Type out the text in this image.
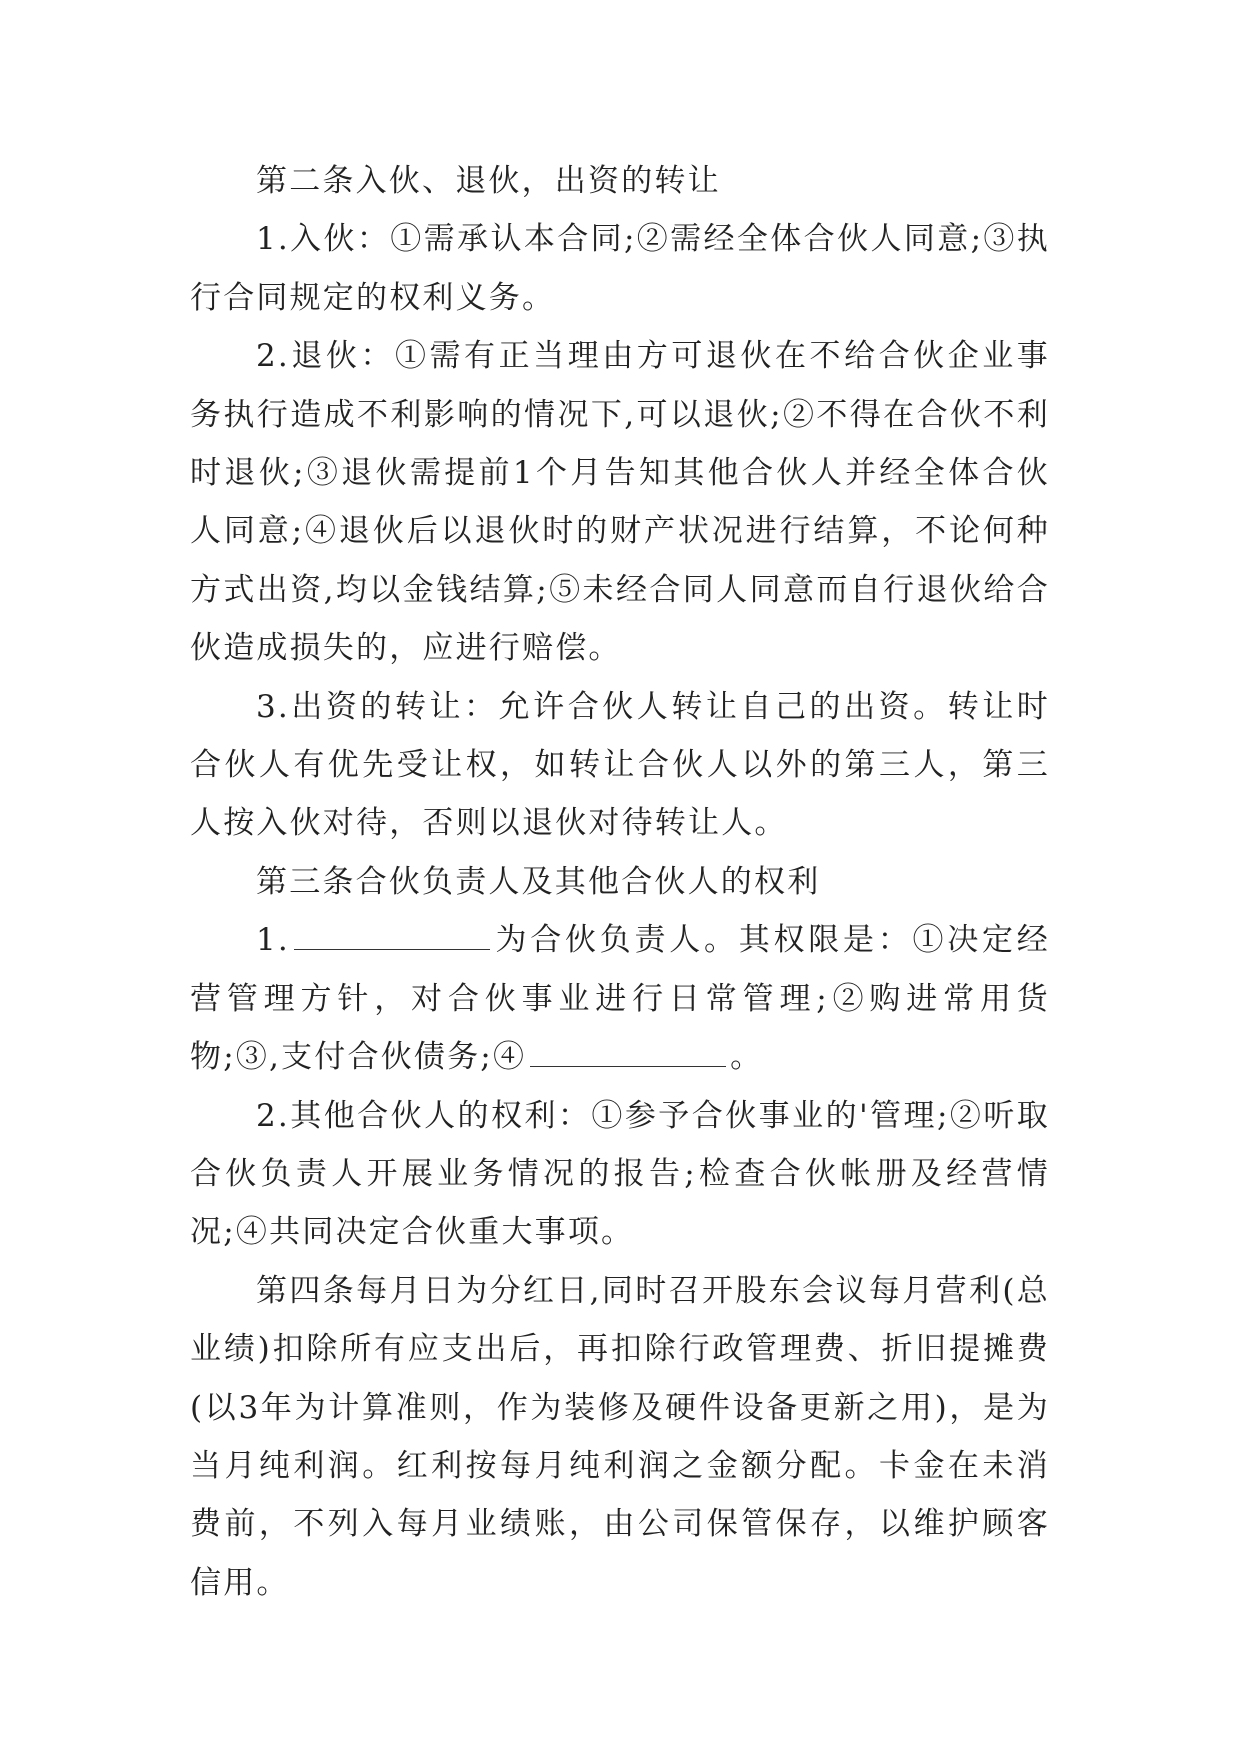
第二条入伙、退伙，出资的转让

1.入伙：①需承认本合同;②需经全体合伙人同意;③执行合同规定的权利义务。

2.退伙：①需有正当理由方可退伙在不给合伙企业事务执行造成不利影响的情况下,可以退伙;②不得在合伙不利时退伙;③退伙需提前1个月告知其他合伙人并经全体合伙人同意;④退伙后以退伙时的财产状况进行结算，不论何种方式出资,均以金钱结算;⑤未经合同人同意而自行退伙给合伙造成损失的，应进行赔偿。

3.出资的转让：允许合伙人转让自己的出资。转让时合伙人有优先受让权，如转让合伙人以外的第三人，第三人按入伙对待，否则以退伙对待转让人。

第三条合伙负责人及其他合伙人的权利

1.	为合伙负责人。其权限是：①决定经营管理方针，对合伙事业进行日常管理;②购进常用货物;③,支付合伙债务;④	。

2.其他合伙人的权利：①参予合伙事业的'管理;②听取合伙负责人开展业务情况的报告;检查合伙帐册及经营情况;④共同决定合伙重大事项。

第四条每月日为分红日,同时召开股东会议每月营利(总业绩)扣除所有应支出后，再扣除行政管理费、折旧提摊费(以3年为计算准则，作为装修及硬件设备更新之用)，是为当月纯利润。红利按每月纯利润之金额分配。卡金在未消费前，不列入每月业绩账，由公司保管保存，以维护顾客信用。
